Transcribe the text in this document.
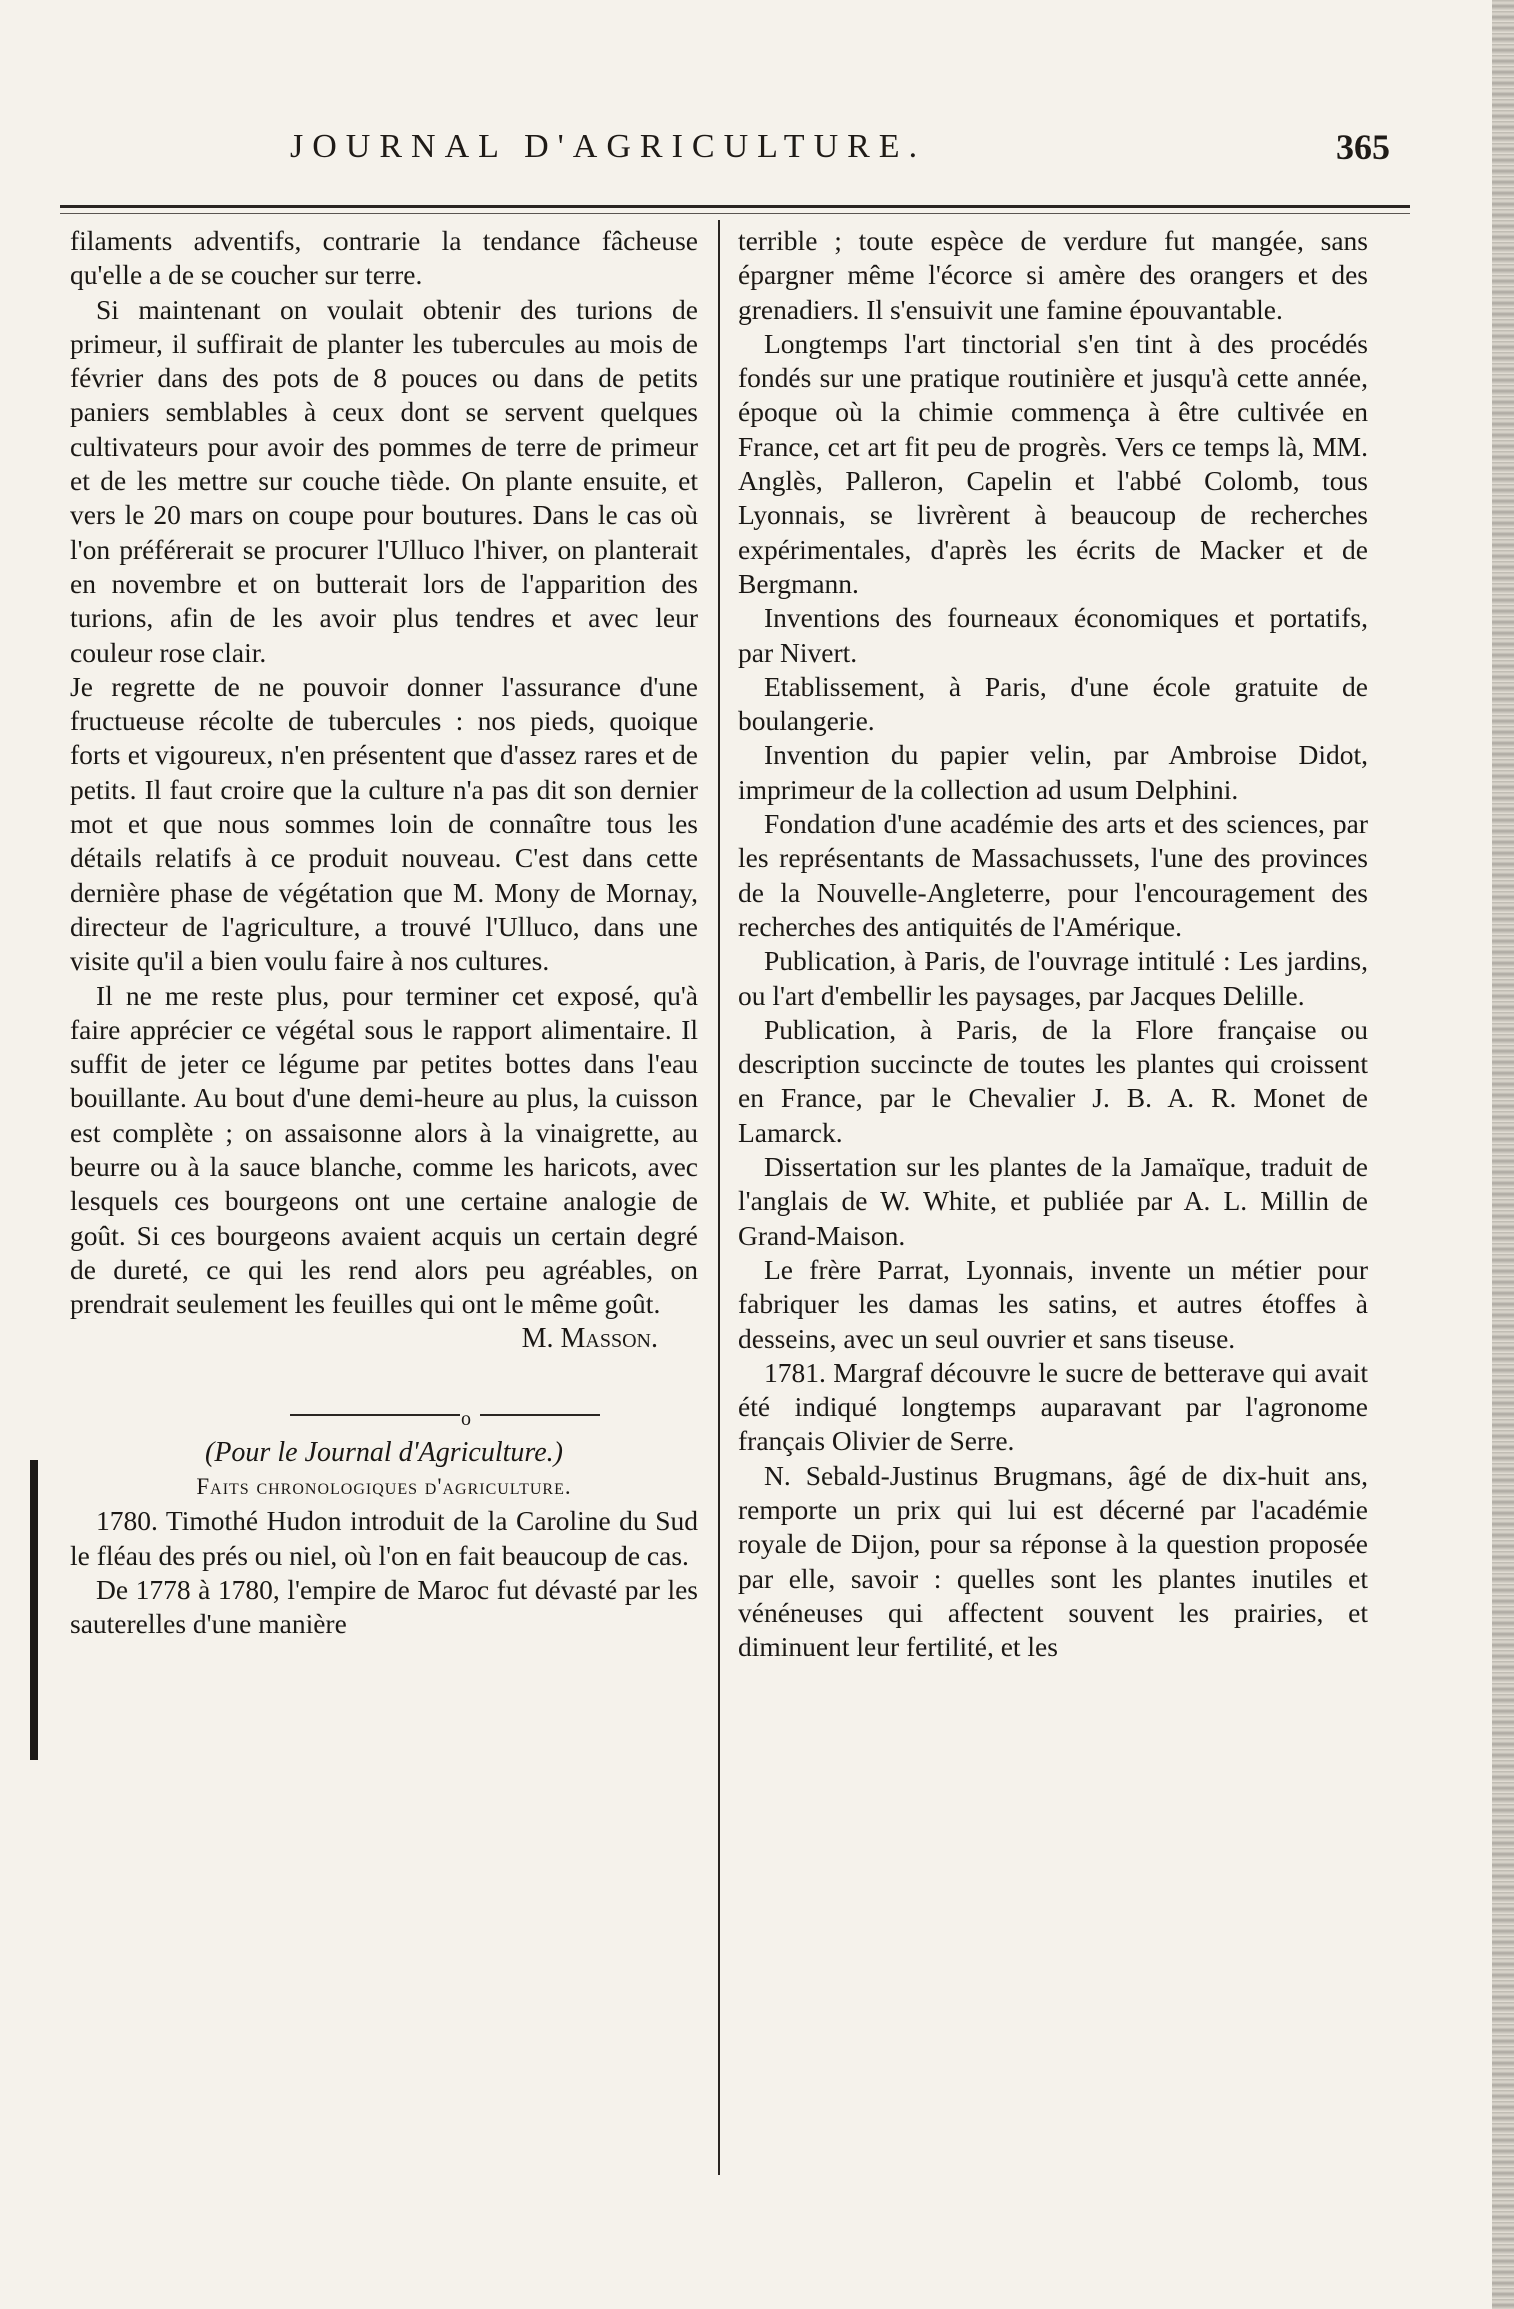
JOURNAL D'AGRICULTURE.	365

filaments adventifs, contrarie la tendance fâcheuse qu'elle a de se coucher sur terre.

Si maintenant on voulait obtenir des turions de primeur, il suffirait de planter les tubercules au mois de février dans des pots de 8 pouces ou dans de petits paniers semblables à ceux dont se servent quelques cultivateurs pour avoir des pommes de terre de primeur et de les mettre sur couche tiède. On plante ensuite, et vers le 20 mars on coupe pour boutures. Dans le cas où l'on préférerait se procurer l'Ulluco l'hiver, on planterait en novembre et on butterait lors de l'apparition des turions, afin de les avoir plus tendres et avec leur couleur rose clair.

Je regrette de ne pouvoir donner l'assurance d'une fructueuse récolte de tubercules : nos pieds, quoique forts et vigoureux, n'en présentent que d'assez rares et de petits. Il faut croire que la culture n'a pas dit son dernier mot et que nous sommes loin de connaître tous les détails relatifs à ce produit nouveau. C'est dans cette dernière phase de végétation que M. Mony de Mornay, directeur de l'agriculture, a trouvé l'Ulluco, dans une visite qu'il a bien voulu faire à nos cultures.

Il ne me reste plus, pour terminer cet exposé, qu'à faire apprécier ce végétal sous le rapport alimentaire. Il suffit de jeter ce légume par petites bottes dans l'eau bouillante. Au bout d'une demi-heure au plus, la cuisson est complète ; on assaisonne alors à la vinaigrette, au beurre ou à la sauce blanche, comme les haricots, avec lesquels ces bourgeons ont une certaine analogie de goût. Si ces bourgeons avaient acquis un certain degré de dureté, ce qui les rend alors peu agréables, on prendrait seulement les feuilles qui ont le même goût.

M. Masson.

o

(Pour le Journal d'Agriculture.)

Faits chronologiques d'agriculture.

1780. Timothé Hudon introduit de la Caroline du Sud le fléau des prés ou niel, où l'on en fait beaucoup de cas.

De 1778 à 1780, l'empire de Maroc fut dévasté par les sauterelles d'une manière

terrible ; toute espèce de verdure fut mangée, sans épargner même l'écorce si amère des orangers et des grenadiers. Il s'ensuivit une famine épouvantable.

Longtemps l'art tinctorial s'en tint à des procédés fondés sur une pratique routinière et jusqu'à cette année, époque où la chimie commença à être cultivée en France, cet art fit peu de progrès. Vers ce temps là, MM. Anglès, Palleron, Capelin et l'abbé Colomb, tous Lyonnais, se livrèrent à beaucoup de recherches expérimentales, d'après les écrits de Macker et de Bergmann.

Inventions des fourneaux économiques et portatifs, par Nivert.

Etablissement, à Paris, d'une école gratuite de boulangerie.

Invention du papier velin, par Ambroise Didot, imprimeur de la collection ad usum Delphini.

Fondation d'une académie des arts et des sciences, par les représentants de Massachussets, l'une des provinces de la Nouvelle-Angleterre, pour l'encouragement des recherches des antiquités de l'Amérique.

Publication, à Paris, de l'ouvrage intitulé : Les jardins, ou l'art d'embellir les paysages, par Jacques Delille.

Publication, à Paris, de la Flore française ou description succincte de toutes les plantes qui croissent en France, par le Chevalier J. B. A. R. Monet de Lamarck.

Dissertation sur les plantes de la Jamaïque, traduit de l'anglais de W. White, et publiée par A. L. Millin de Grand-Maison.

Le frère Parrat, Lyonnais, invente un métier pour fabriquer les damas les satins, et autres étoffes à desseins, avec un seul ouvrier et sans tiseuse.

1781. Margraf découvre le sucre de betterave qui avait été indiqué longtemps auparavant par l'agronome français Olivier de Serre.

N. Sebald-Justinus Brugmans, âgé de dix-huit ans, remporte un prix qui lui est décerné par l'académie royale de Dijon, pour sa réponse à la question proposée par elle, savoir : quelles sont les plantes inutiles et vénéneuses qui affectent souvent les prairies, et diminuent leur fertilité, et les
